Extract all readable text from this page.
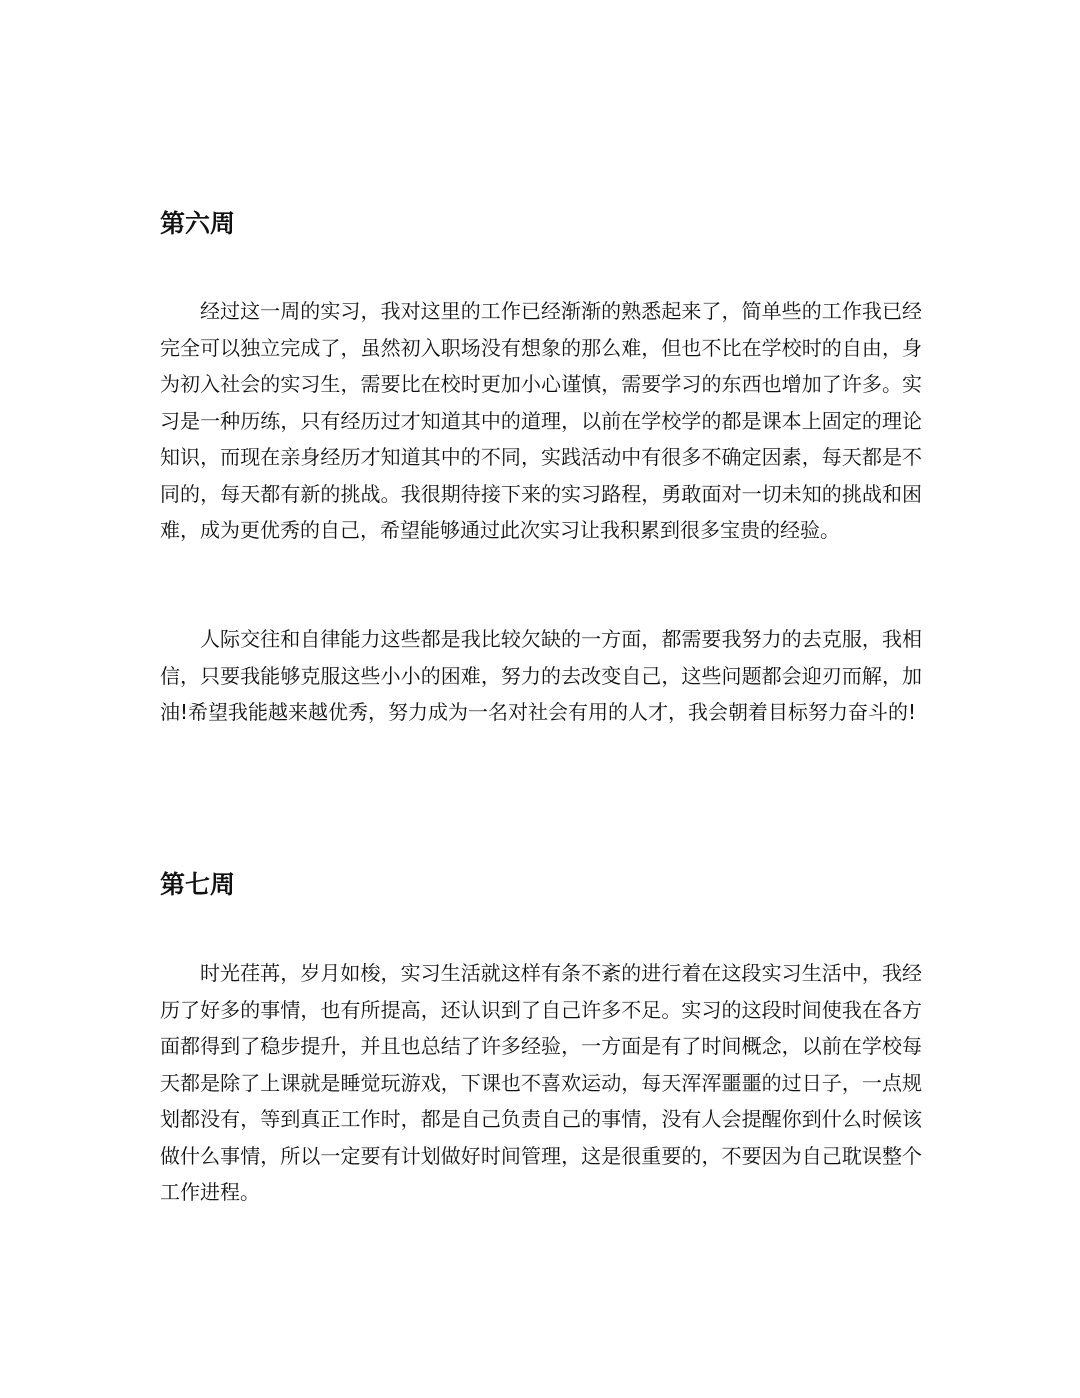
第六周

经过这一周的实习，我对这里的工作已经渐渐的熟悉起来了，简单些的工作我已经完全可以独立完成了，虽然初入职场没有想象的那么难，但也不比在学校时的自由，身为初入社会的实习生，需要比在校时更加小心谨慎，需要学习的东西也增加了许多。实习是一种历练，只有经历过才知道其中的道理，以前在学校学的都是课本上固定的理论知识，而现在亲身经历才知道其中的不同，实践活动中有很多不确定因素，每天都是不同的，每天都有新的挑战。我很期待接下来的实习路程，勇敢面对一切未知的挑战和困难，成为更优秀的自己，希望能够通过此次实习让我积累到很多宝贵的经验。

人际交往和自律能力这些都是我比较欠缺的一方面，都需要我努力的去克服，我相信，只要我能够克服这些小小的困难，努力的去改变自己，这些问题都会迎刃而解，加油!希望我能越来越优秀，努力成为一名对社会有用的人才，我会朝着目标努力奋斗的!

第七周

时光荏苒，岁月如梭，实习生活就这样有条不紊的进行着在这段实习生活中，我经历了好多的事情，也有所提高，还认识到了自己许多不足。实习的这段时间使我在各方面都得到了稳步提升，并且也总结了许多经验，一方面是有了时间概念，以前在学校每天都是除了上课就是睡觉玩游戏，下课也不喜欢运动，每天浑浑噩噩的过日子，一点规划都没有，等到真正工作时，都是自己负责自己的事情，没有人会提醒你到什么时候该做什么事情，所以一定要有计划做好时间管理，这是很重要的，不要因为自己耽误整个工作进程。
